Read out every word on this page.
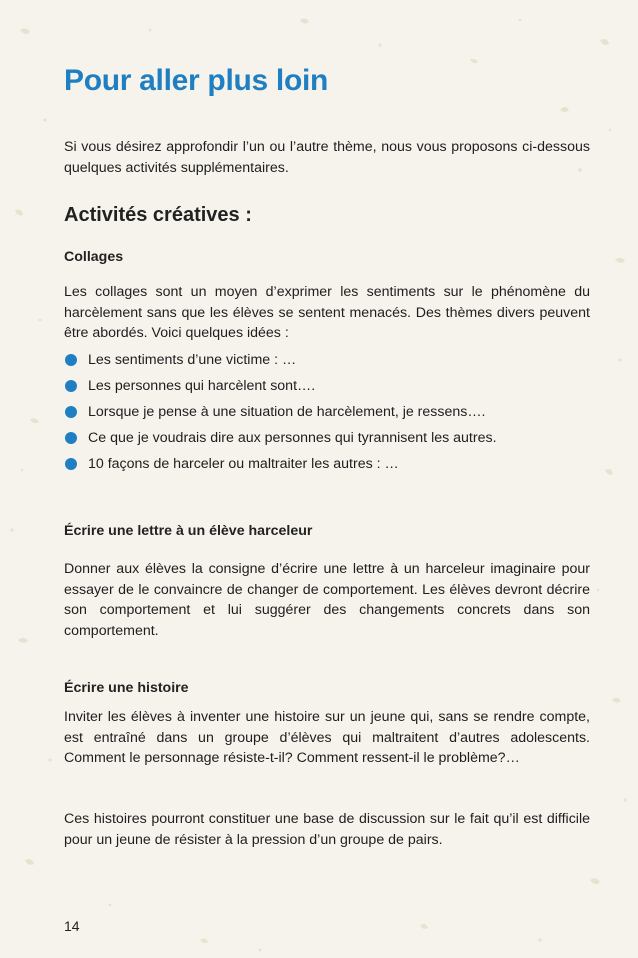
Pour aller plus loin

Si vous désirez approfondir l’un ou l’autre thème, nous vous proposons ci-dessous quelques activités supplémentaires.

Activités créatives :

Collages

Les collages sont un moyen d’exprimer les sentiments sur le phénomène du harcèlement sans que les élèves se sentent menacés. Des thèmes divers peuvent être abordés. Voici quelques idées :

Les sentiments d’une victime : …
Les personnes qui harcèlent sont….
Lorsque je pense à une situation de harcèlement, je ressens….
Ce que je voudrais dire aux personnes qui tyrannisent les autres.
10 façons de harceler ou maltraiter les autres : …

Écrire une lettre à un élève harceleur

Donner aux élèves la consigne d’écrire une lettre à un harceleur imaginaire pour essayer de le convaincre de changer de comportement. Les élèves devront décrire son comportement et lui suggérer des changements concrets dans son comportement.

Écrire une histoire

Inviter les élèves à inventer une histoire sur un jeune qui, sans se rendre compte, est entraîné dans un groupe d’élèves qui maltraitent d’autres adolescents. Comment le personnage résiste-t-il? Comment ressent-il le problème?…

Ces histoires pourront constituer une base de discussion sur le fait qu’il est difficile pour un jeune de résister à la pression d’un groupe de pairs.

14
